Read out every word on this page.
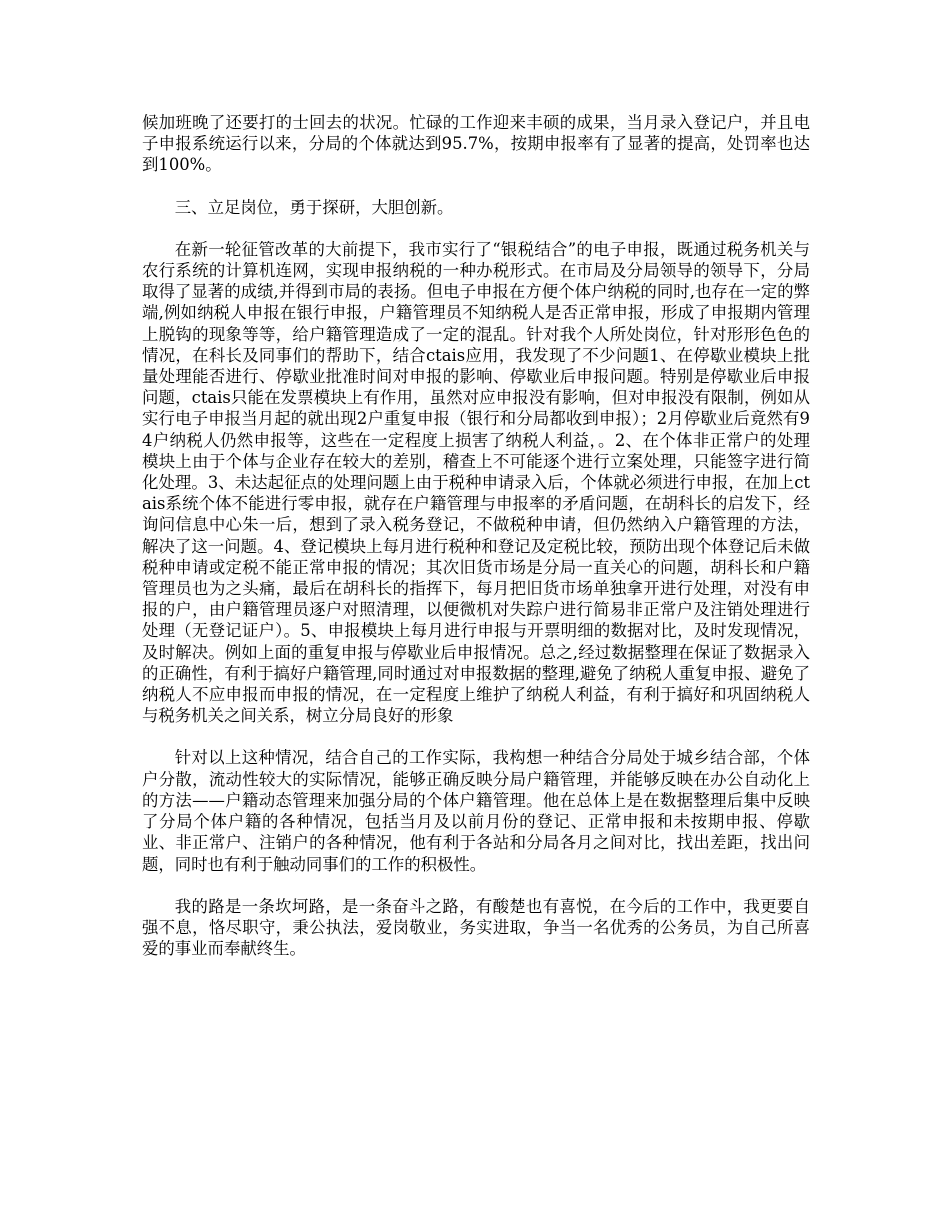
候加班晚了还要打的士回去的状况。忙碌的工作迎来丰硕的成果，当月录入登记户，并且电子申报系统运行以来，分局的个体就达到95.7%，按期申报率有了显著的提高，处罚率也达到100%。

三、立足岗位，勇于探研，大胆创新。

在新一轮征管改革的大前提下，我市实行了“银税结合”的电子申报，既通过税务机关与农行系统的计算机连网，实现申报纳税的一种办税形式。在市局及分局领导的领导下，分局取得了显著的成绩,并得到市局的表扬。但电子申报在方便个体户纳税的同时,也存在一定的弊端,例如纳税人申报在银行申报，户籍管理员不知纳税人是否正常申报，形成了申报期内管理上脱钩的现象等等，给户籍管理造成了一定的混乱。针对我个人所处岗位，针对形形色色的情况，在科长及同事们的帮助下，结合ctais应用，我发现了不少问题1、在停歇业模块上批量处理能否进行、停歇业批准时间对申报的影响、停歇业后申报问题。特别是停歇业后申报问题，ctais只能在发票模块上有作用，虽然对应申报没有影响，但对申报没有限制，例如从实行电子申报当月起的就出现2户重复申报（银行和分局都收到申报）；2月停歇业后竟然有94户纳税人仍然申报等，这些在一定程度上损害了纳税人利益，。2、在个体非正常户的处理模块上由于个体与企业存在较大的差别，稽查上不可能逐个进行立案处理，只能签字进行简化处理。3、未达起征点的处理问题上由于税种申请录入后，个体就必须进行申报，在加上ctais系统个体不能进行零申报，就存在户籍管理与申报率的矛盾问题，在胡科长的启发下，经询问信息中心朱一后，想到了录入税务登记，不做税种申请，但仍然纳入户籍管理的方法，解决了这一问题。4、登记模块上每月进行税种和登记及定税比较，预防出现个体登记后未做税种申请或定税不能正常申报的情况；其次旧货市场是分局一直关心的问题，胡科长和户籍管理员也为之头痛，最后在胡科长的指挥下，每月把旧货市场单独拿开进行处理，对没有申报的户，由户籍管理员逐户对照清理，以便微机对失踪户进行简易非正常户及注销处理进行处理（无登记证户）。5、申报模块上每月进行申报与开票明细的数据对比，及时发现情况，及时解决。例如上面的重复申报与停歇业后申报情况。总之,经过数据整理在保证了数据录入的正确性，有利于搞好户籍管理,同时通过对申报数据的整理,避免了纳税人重复申报、避免了纳税人不应申报而申报的情况，在一定程度上维护了纳税人利益，有利于搞好和巩固纳税人与税务机关之间关系，树立分局良好的形象

针对以上这种情况，结合自己的工作实际，我构想一种结合分局处于城乡结合部，个体户分散，流动性较大的实际情况，能够正确反映分局户籍管理，并能够反映在办公自动化上的方法——户籍动态管理来加强分局的个体户籍管理。他在总体上是在数据整理后集中反映了分局个体户籍的各种情况，包括当月及以前月份的登记、正常申报和未按期申报、停歇业、非正常户、注销户的各种情况，他有利于各站和分局各月之间对比，找出差距，找出问题，同时也有利于触动同事们的工作的积极性。

我的路是一条坎坷路，是一条奋斗之路，有酸楚也有喜悦，在今后的工作中，我更要自强不息，恪尽职守，秉公执法，爱岗敬业，务实进取，争当一名优秀的公务员，为自己所喜爱的事业而奉献终生。
